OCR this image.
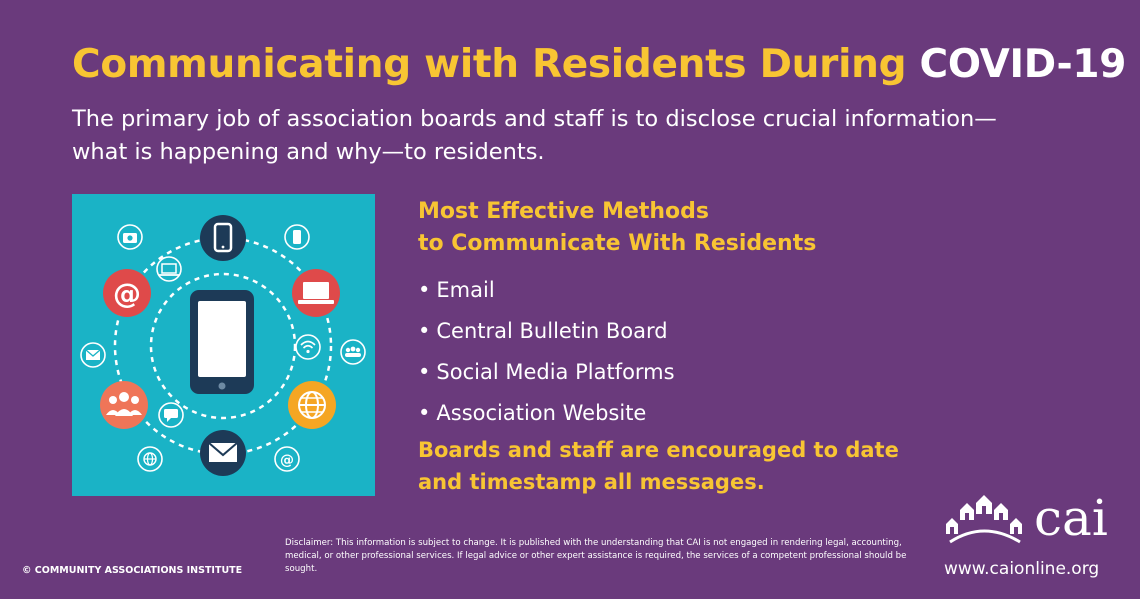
Communicating with Residents During COVID-19

The primary job of association boards and staff is to disclose crucial information—
what is happening and why—to residents.

@
@
Most Effective Methods
to Communicate With Residents
• Email
• Central Bulletin Board
• Social Media Platforms
• Association Website

Boards and staff are encouraged to date
and timestamp all messages.

© COMMUNITY ASSOCIATIONS INSTITUTE
Disclaimer: This information is subject to change. It is published with the understanding that CAI is not engaged in rendering legal, accounting, medical, or other professional services. If legal advice or other expert assistance is required, the services of a competent professional should be sought.
cai
www.caionline.org
